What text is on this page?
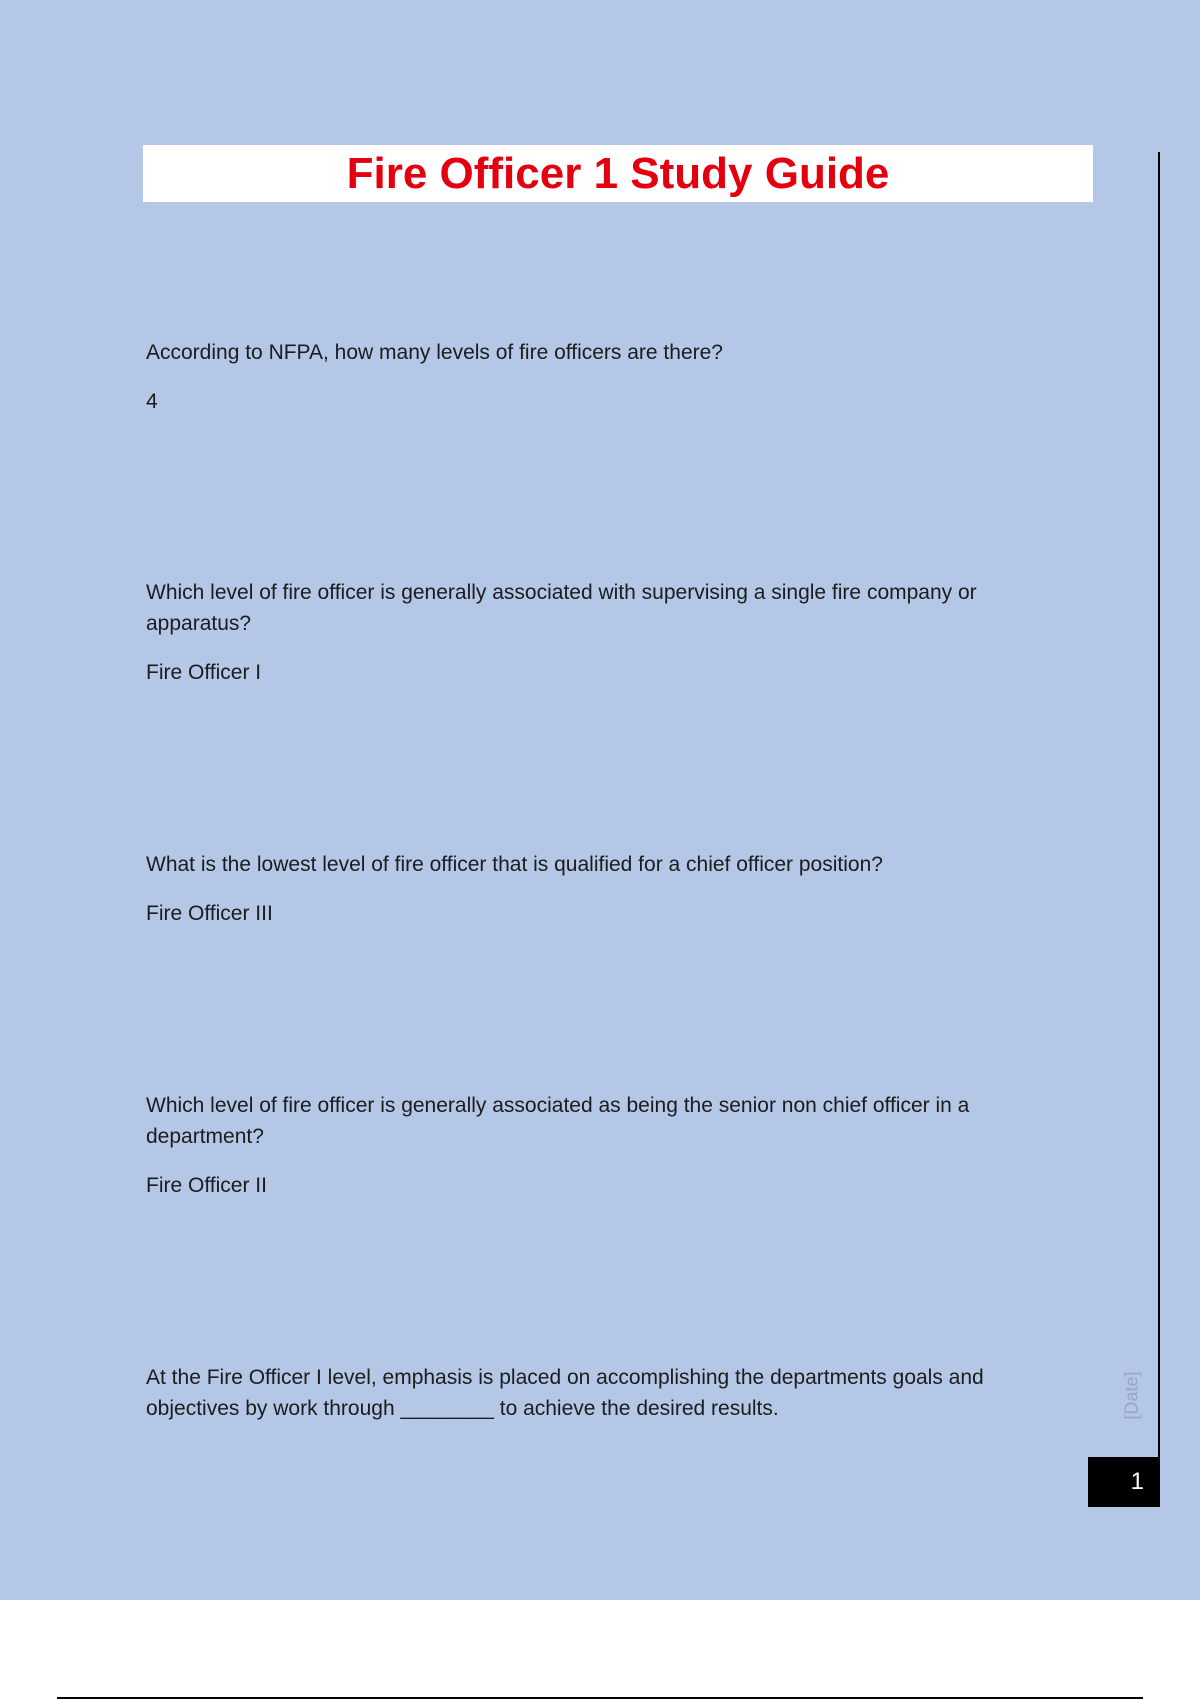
Fire Officer 1 Study Guide
[Date]
1

According to NFPA, how many levels of fire officers are there?

4

Which level of fire officer is generally associated with supervising a single fire company or apparatus?

Fire Officer I

What is the lowest level of fire officer that is qualified for a chief officer position?

Fire Officer III

Which level of fire officer is generally associated as being the senior non chief officer in a department?

Fire Officer II

At the Fire Officer I level, emphasis is placed on accomplishing the departments goals and objectives by work through ________ to achieve the desired results.
